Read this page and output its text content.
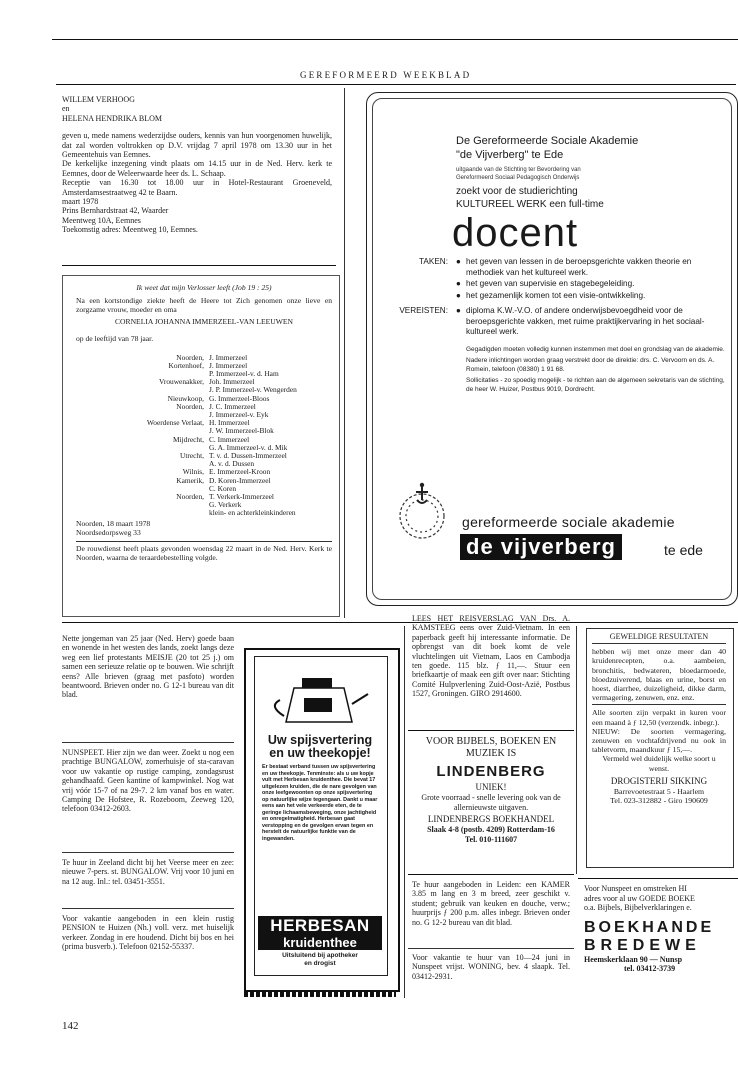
GEREFORMEERD WEEKBLAD
WILLEM VERHOOG
en
HELENA HENDRIKA BLOM
geven u, mede namens wederzijdse ouders, kennis van hun voorgenomen huwelijk, dat zal worden voltrokken op D.V. vrijdag 7 april 1978 om 13.30 uur in het Gemeentehuis van Eemnes.
De kerkelijke inzegening vindt plaats om 14.15 uur in de Ned. Herv. kerk te Eemnes, door de Weleerwaarde heer ds. L. Schaap.
Receptie van 16.30 tot 18.00 uur in Hotel-Restaurant Groeneveld, Amsterdamsestraatweg 42 te Baarn.
maart 1978
Prins Bernhardstraat 42, Waarder
Meentweg 10A, Eemnes
Toekomstig adres: Meentweg 10, Eemnes.
Ik weet dat mijn Verlosser leeft (Job 19 : 25)
Na een kortstondige ziekte heeft de Heere tot Zich genomen onze lieve en zorgzame vrouw, moeder en oma
CORNELIA JOHANNA IMMERZEEL-VAN LEEUWEN
op de leeftijd van 78 jaar.
Noorden, J. Immerzeel
Kortenhoef, J. Immerzeel
P. Immerzeel-v. d. Ham
Vrouwenakker, Joh. Immerzeel
J. P. Immerzeel-v. Wengerden
Nieuwkoop, G. Immerzeel-Bloos
Noorden, J. C. Immerzeel
J. Immerzeel-v. Eyk
Woerdense Verlaat, H. Immerzeel
J. W. Immerzeel-Blok
Mijdrecht, C. Immerzeel
G. A. Immerzeel-v. d. Mik
Utrecht, T. v. d. Dussen-Immerzeel
A. v. d. Dussen
Wilnis, E. Immerzeel-Kroon
Kamerik, D. Koren-Immerzeel
C. Koren
Noorden, T. Verkerk-Immerzeel
G. Verkerk
klein- en achterkleinkinderen
Noorden, 18 maart 1978
Noordsedorpsweg 33
De rouwdienst heeft plaats gevonden woensdag 22 maart in de Ned. Herv. Kerk te Noorden, waarna de teraardebestelling volgde.
De Gereformeerde Sociale Akademie
"de Vijverberg" te Ede
uitgaande van de Stichting ter Bevordering van
Gereformeerd Sociaal Pedagogisch Onderwijs
zoekt voor de studierichting
KULTUREEL WERK een full-time
docent
TAKEN: ● het geven van lessen in de beroepsgerichte vakken theorie en methodiek van het kultureel werk.
● het geven van supervisie en stagebegeleiding.
● het gezamenlijk komen tot een visie-ontwikkeling.
VEREISTEN: ● diploma K.W.-V.O. of andere onderwijsbevoegdheid voor de beroepsgerichte vakken, met ruime praktijkervaring in het sociaal-kultureel werk.
Gegadigden moeten volledig kunnen instemmen met doel en grondslag van de akademie.
Nadere inlichtingen worden graag verstrekt door de direktie: drs. C. Vervoorn en ds. A. Romein, telefoon (08380) 1 91 68.
Sollicitaties - zo spoedig mogelijk - te richten aan de algemeen sekretaris van de stichting, de heer W. Huizer, Postbus 9019, Dordrecht.
gereformeerde sociale akademie
de vijverberg	te ede
Nette jongeman van 25 jaar (Ned. Herv) goede baan en wonende in het westen des lands, zoekt langs deze weg een lief protestants MEISJE (20 tot 25 j.) om samen een serieuze relatie op te bouwen. Wie schrijft eens? Alle brieven (graag met pasfoto) worden beantwoord. Brieven onder no. G 12-1 bureau van dit blad.
NUNSPEET. Hier zijn we dan weer. Zoekt u nog een prachtige BUNGALOW, zomerhuisje of sta-caravan voor uw vakantie op rustige camping, zondagsrust gehandhaafd. Geen kantine of kampwinkel. Nog wat vrij vóór 15-7 of na 29-7. 2 km vanaf bos en water. Camping De Hofstee, R. Rozeboom, Zeeweg 120, telefoon 03412-2603.
Te huur in Zeeland dicht bij het Veerse meer en zee: nieuwe 7-pers. st. BUNGALOW. Vrij voor 10 juni en na 12 aug. Inl.: tel. 03451-3551.
Voor vakantie aangeboden in een klein rustig PENSION te Huizen (Nh.) voll. verz. met huiselijk verkeer. Zondag in ere houdend. Dicht bij bos en hei (prima busverb.). Telefoon 02152-55337.
Uw spijsvertering
en uw theekopje!
Er bestaat verband tussen uw spijsvertering en uw theekopje. Tenminste: als u uw kopje vult met Herbesan kruidenthee. Die bevat 17 uitgelezen kruiden, die de nare gevolgen van onze leefgewoonten op onze spijsvertering op natuurlijke wijze tegengaan. Dankt u maar eens aan het vele verkeerde eten, de te geringe lichaamsbeweging, onze jachtigheid en onregelmatigheid. Herbesan gaat verstopping en de gevolgen ervan tegen en herstelt de natuurlijke funktie van de ingewanden.
HERBESAN
kruidenthee
Uitsluitend bij apotheker
en drogist
LEES HET REISVERSLAG VAN Drs. A. KAMSTEEG eens over Zuid-Vietnam. In een paperback geeft hij interessante informatie. De opbrengst van dit boek komt de vele vluchtelingen uit Vietnam, Laos en Cambodja ten goede. 115 blz. ƒ 11,—. Stuur een briefkaartje of maak een gift over naar: Stichting Comité Hulpverlening Zuid-Oost-Azië, Postbus 1527, Groningen. GIRO 2914600.
VOOR BIJBELS, BOEKEN EN MUZIEK IS
LINDENBERG
UNIEK!
Grote voorraad - snelle levering ook van de allernieuwste uitgaven.
LINDENBERGS BOEKHANDEL
Slaak 4-8 (postb. 4209) Rotterdam-16
Tel. 010-111607
Te huur aangeboden in Leiden: een KAMER 3.85 m lang en 3 m breed, zeer geschikt v. student; gebruik van keuken en douche, verw.; huurprijs ƒ 200 p.m. alles inbegr. Brieven onder no. G 12-2 bureau van dit blad.
Voor vakantie te huur van 10—24 juni in Nunspeet vrijst. WONING, bev. 4 slaapk. Tel. 03412-2931.
GEWELDIGE RESULTATEN
hebben wij met onze meer dan 40 kruidenrecepten, o.a. aambeien, bronchitis, bedwateren, bloedarmoede, bloedzuiverend, blaas en urine, borst en hoest, diarrhee, duizeligheid, dikke darm, vermagering, zenuwen, enz. enz.
Alle soorten zijn verpakt in kuren voor een maand à ƒ 12,50 (verzendk. inbegr.).
NIEUW: De soorten vermagering, zenuwen en vochtafdrijvend nu ook in tabletvorm, maandkuur ƒ 15,—.
Vermeld wel duidelijk welke soort u wenst.
DROGISTERIJ SIKKING
Barrevoetestraat 5 - Haarlem
Tel. 023-312882 - Giro 190609
Voor Nunspeet en omstreken HI
adres voor al uw GOEDE BOEKE
o.a. Bijbels, Bijbelverklaringen e.
BOEKHANDE
BREDEWE
Heemskerklaan 90 — Nunsp
tel. 03412-3739
142
